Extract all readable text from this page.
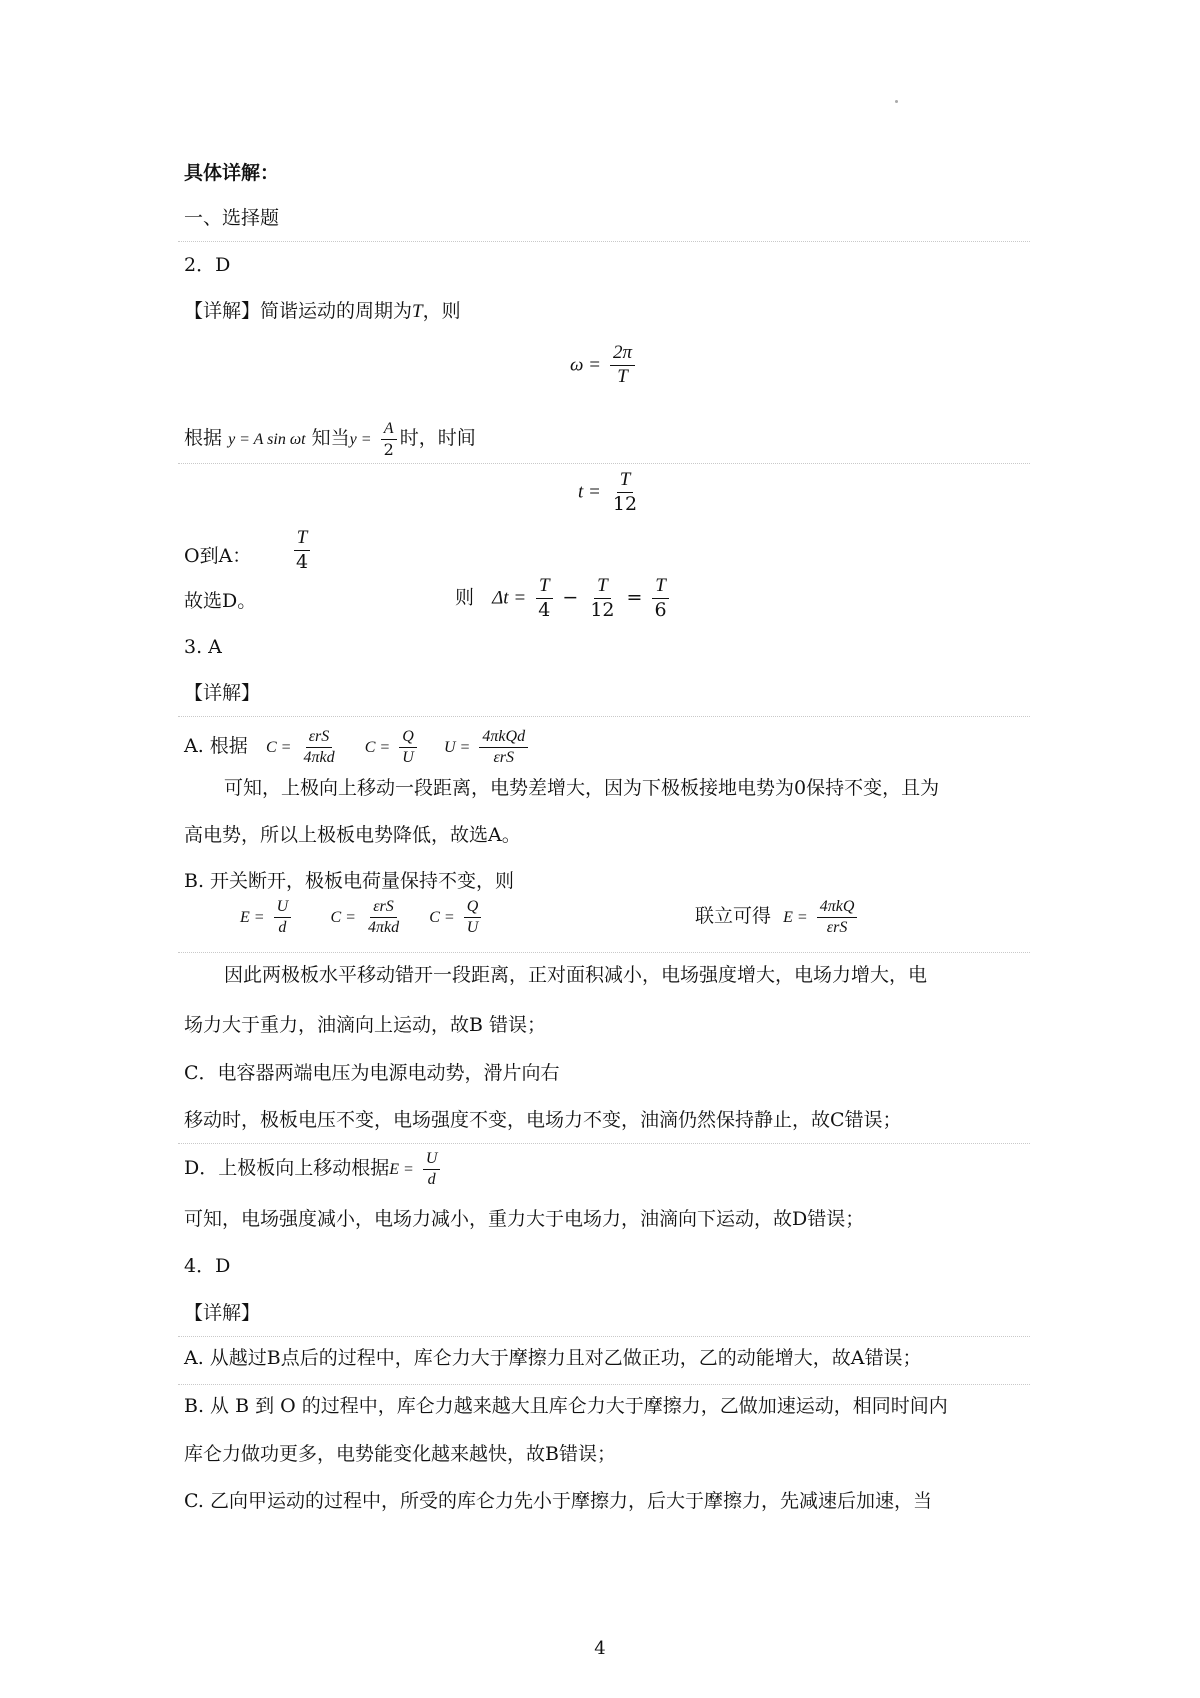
具体详解：
一、选择题
2．D
【详解】简谐运动的周期为T，则
$\omega = \frac{2\pi}{T}$
根据 y = A sin ωt 知当$y = \frac{A}{2}$ 时，时间
$t = \frac{T}{12}$
O到A： $\frac{T}{4}$
故选D。	则 $\Delta t = \frac{T}{4} - \frac{T}{12} = \frac{T}{6}$
3. A
【详解】
A. 根据 $C = \frac{\text{εrS}}{\text{4πkd}}$ $C = \frac{Q}{U}$ $U = \frac{\text{4πkQd}}{\text{εrS}}$
可知，上极向上移动一段距离，电势差增大，因为下极板接地电势为0保持不变，且为
高电势，所以上极板电势降低，故选A。
B. 开关断开，极板电荷量保持不变，则
$E = \frac{U}{d}$ $C = \frac{\text{εrS}}{\text{4πkd}}$ $C = \frac{Q}{U}$	联立可得 $E = \frac{\text{4πkQ}}{\text{εrS}}$
因此两极板水平移动错开一段距离，正对面积减小，电场强度增大，电场力增大，电
场力大于重力，油滴向上运动，故B 错误；
C．电容器两端电压为电源电动势，滑片向右
移动时，极板电压不变，电场强度不变，电场力不变，油滴仍然保持静止，故C错误；
D．上极板向上移动根据$E = \frac{U}{d}$
可知，电场强度减小，电场力减小，重力大于电场力，油滴向下运动，故D错误；
4．D
【详解】
A. 从越过B点后的过程中，库仑力大于摩擦力且对乙做正功，乙的动能增大，故A错误；
B. 从 B 到 O 的过程中，库仑力越来越大且库仑力大于摩擦力，乙做加速运动，相同时间内
库仑力做功更多，电势能变化越来越快，故B错误；
C. 乙向甲运动的过程中，所受的库仑力先小于摩擦力，后大于摩擦力，先减速后加速，当
4
